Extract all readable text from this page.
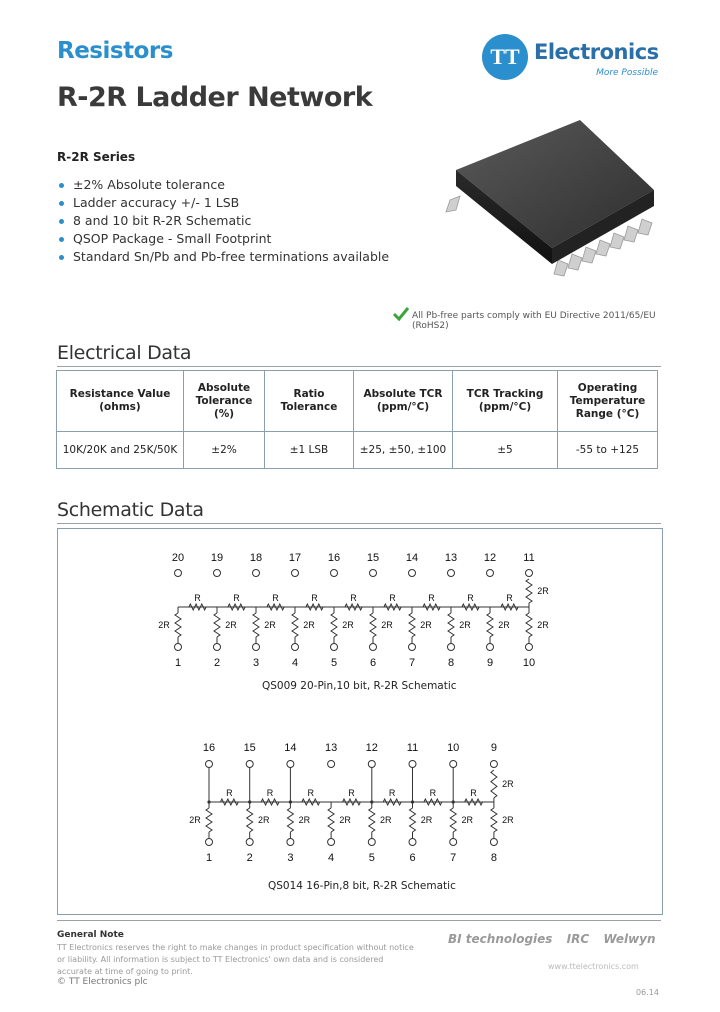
Resistors
R-2R Ladder Network
TT Electronics
More Possible
R-2R Series
±2% Absolute tolerance
Ladder accuracy +/- 1 LSB
8 and 10 bit R-2R Schematic
QSOP Package - Small Footprint
Standard Sn/Pb and Pb-free terminations available
All Pb-free parts comply with EU Directive 2011/65/EU (RoHS2)
Electrical Data
Resistance Value (ohms)	Absolute Tolerance (%)	Ratio Tolerance	Absolute TCR (ppm/°C)	TCR Tracking (ppm/°C)	Operating Temperature Range (°C)
10K/20K and 25K/50K	±2%	±1 LSB	±25, ±50, ±100	±5	-55 to +125
Schematic Data
20
R
2R
1
19
R
2R
2
18
R
2R
3
17
R
2R
4
16
R
2R
5
15
R
2R
6
14
R
2R
7
13
R
2R
8
12
R
2R
9
11
2R
10
2R
QS009 20-Pin,10 bit, R-2R Schematic
16
R
2R
1
15
R
2R
2
14
R
2R
3
13
R
2R
4
12
R
2R
5
11
R
2R
6
10
R
2R
7
9
2R
8
2R
QS014 16-Pin,8 bit, R-2R Schematic
General Note
TT Electronics reserves the right to make changes in product specification without notice or liability. All information is subject to TT Electronics' own data and is considered accurate at time of going to print.
© TT Electronics plc
BI technologies IRC Welwyn
www.ttelectronics.com
06.14
